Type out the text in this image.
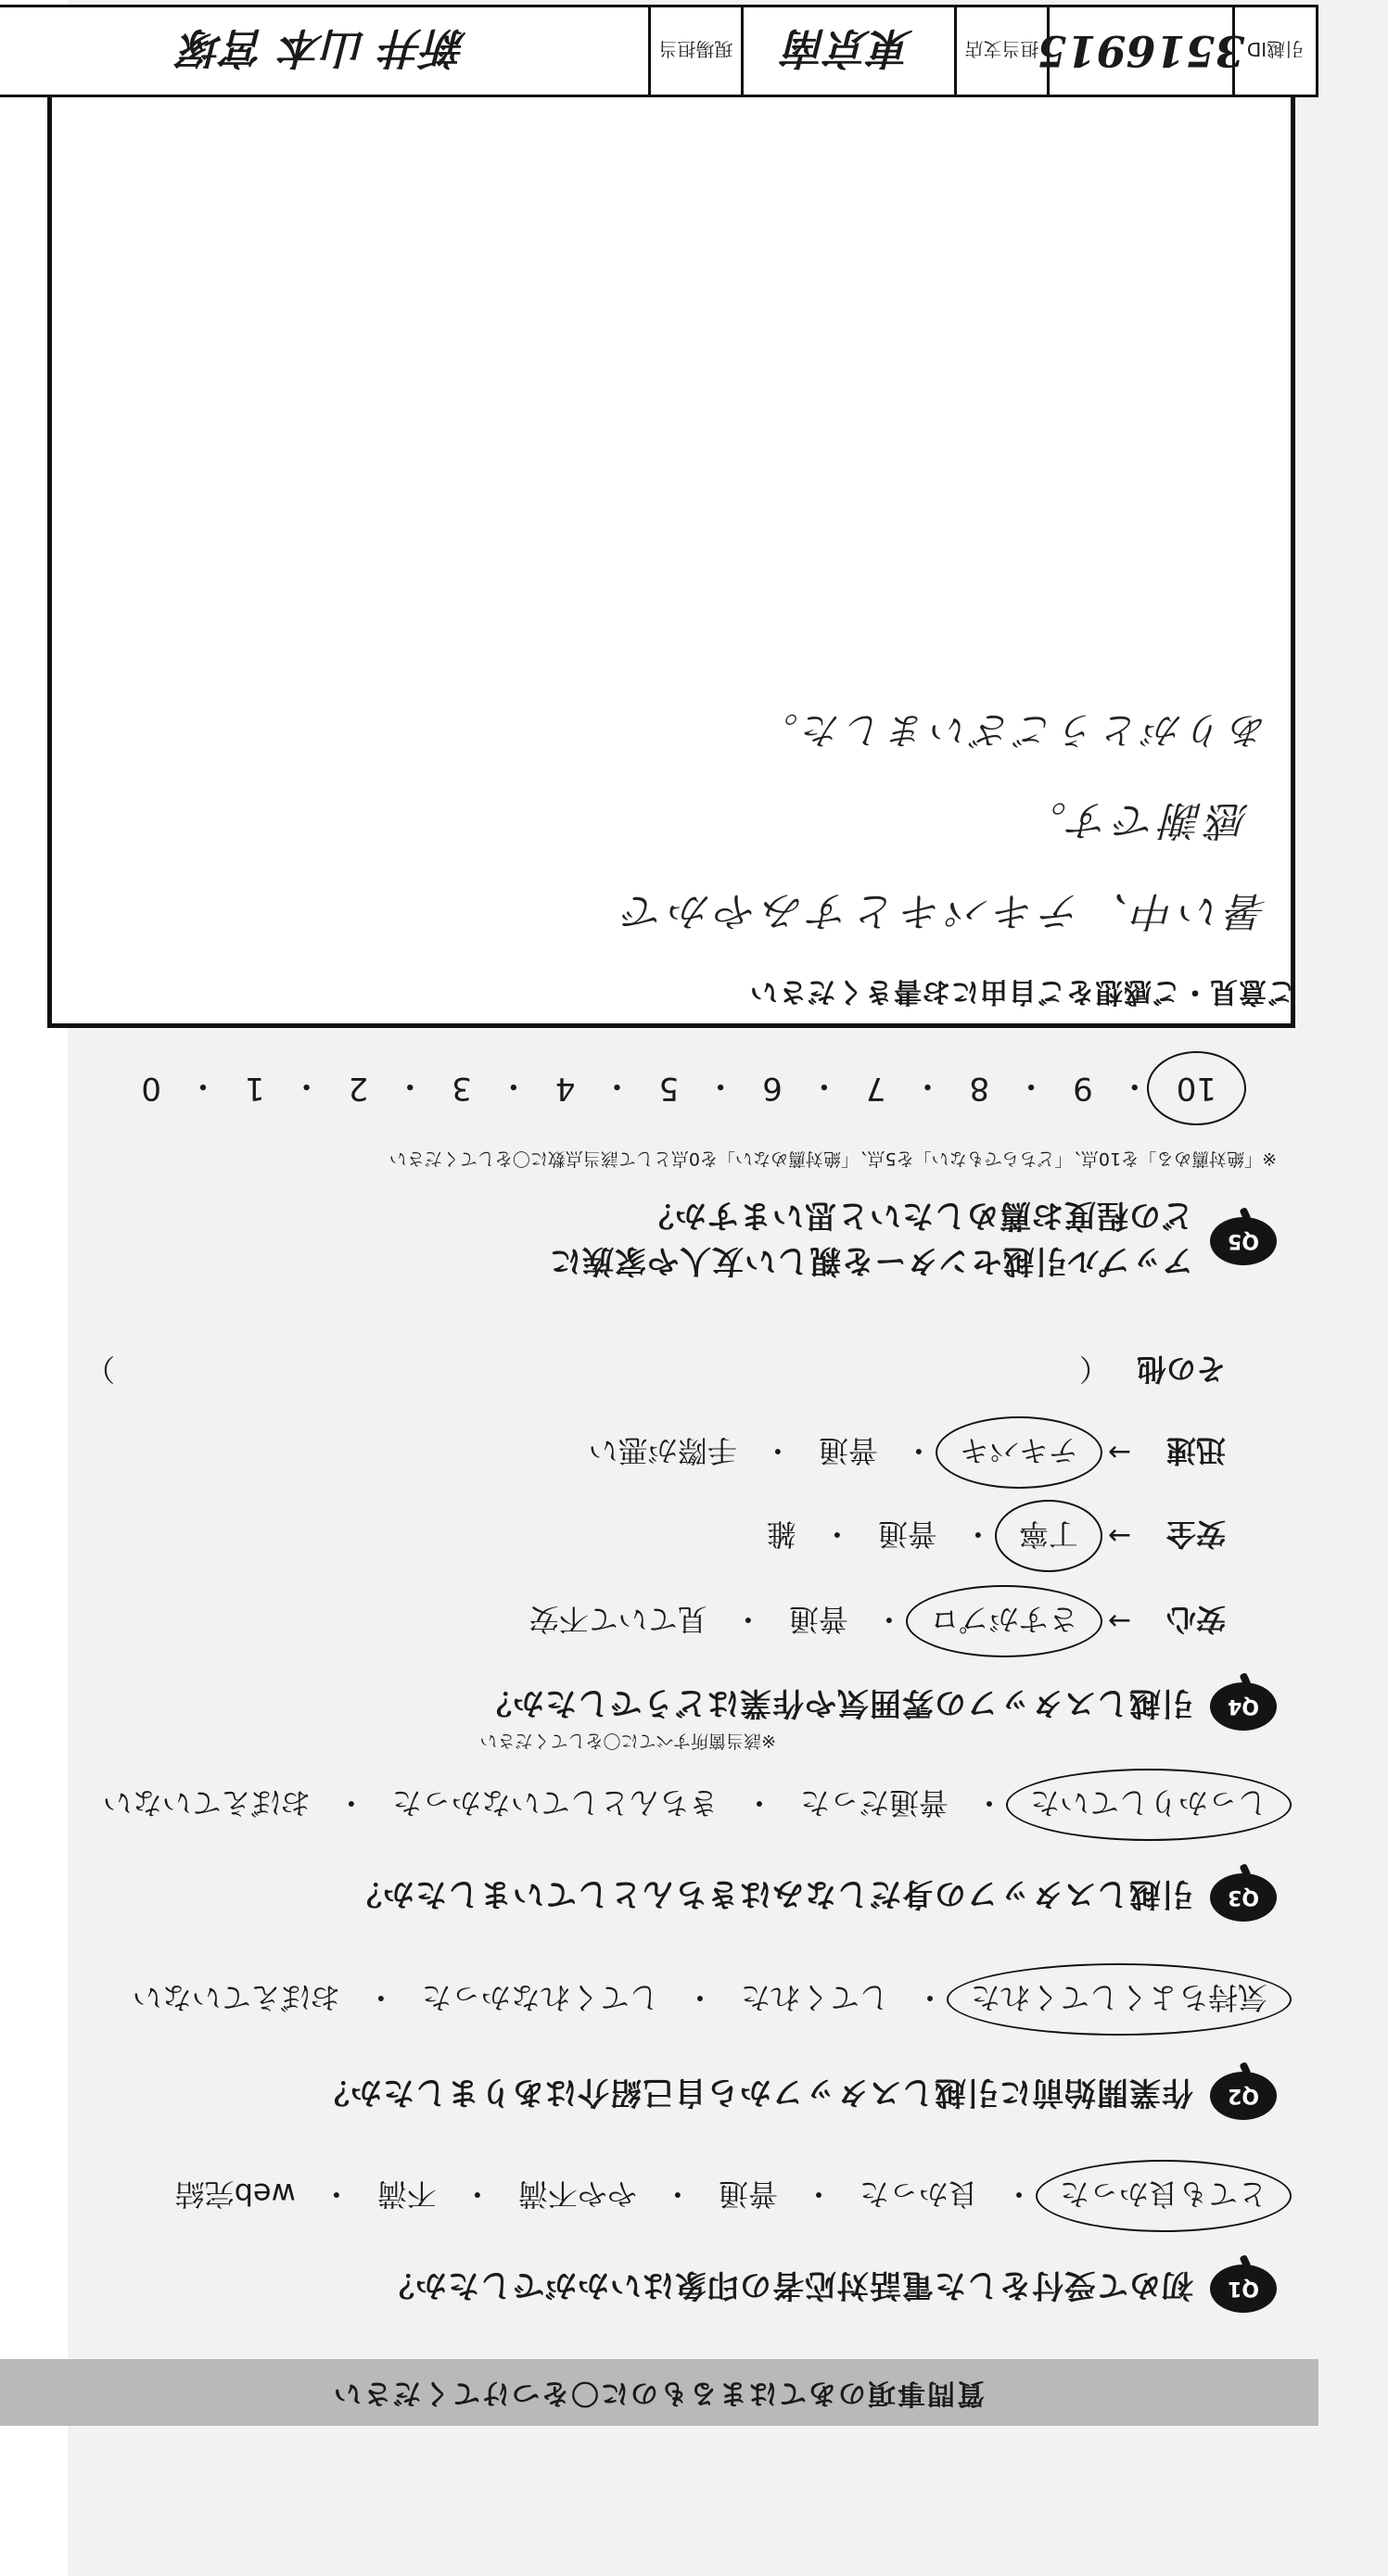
質問事項のあてはまるものに〇をつけてください
Q1
初めて受付をした電話対応者の印象はいかがでしたか？
とても良かった
・
良かった
・
普通
・
やや不満
・
不満
・
web完結
Q2
作業開始前に引越しスタッフから自己紹介はありましたか？
気持ちよくしてくれた
・
してくれた
・
してくれなかった
・
おぼえていない
Q3
引越しスタッフの身だしなみはきちんとしていましたか？
しっかりしていた
・
普通だった
・
きちんとしていなかった
・
おぼえていない
Q4
引越しスタッフの雰囲気や作業はどうでしたか？
※該当箇所すべてに〇をしてください
安心
→
さすがプロ
・
普通
・
見ていて不安
安全
→
丁寧
・
普通
・
雑
迅速
→
テキパキ
・
普通
・
手際が悪い
その他
（
）
Q5
アップル引越センターを親しい友人や家族に
どの程度お薦めしたいと思いますか？
※「絶対薦める」を10点、「どちらでもない」を5点、「絶対薦めない」を0点として該当点数に〇をしてください
10
・
9
・
8
・
7
・
6
・
5
・
4
・
3
・
2
・
1
・
0
ご意見・ご感想をご自由にお書きください
暑い中、テキパキとすみやかで
感謝です。
ありがとうございました。
引越ID
3516915
担当支店
東京南
現場担当
新井 山本 宮塚
